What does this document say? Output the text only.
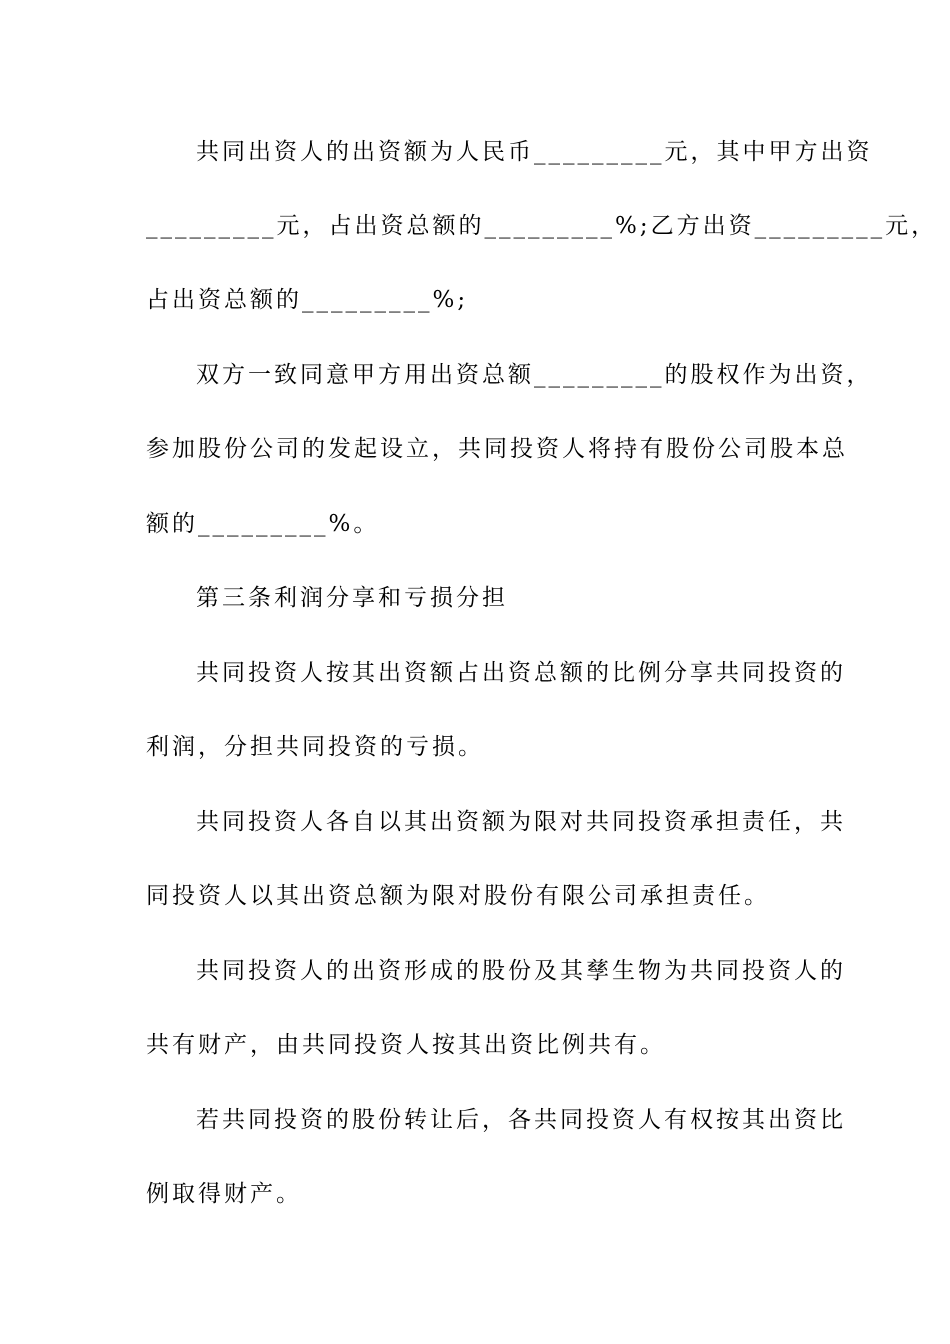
共同出资人的出资额为人民币_________元，其中甲方出资
_________元，占出资总额的_________%;乙方出资_________元，
占出资总额的_________%;
双方一致同意甲方用出资总额_________的股权作为出资，
参加股份公司的发起设立，共同投资人将持有股份公司股本总
额的_________%。
第三条利润分享和亏损分担
共同投资人按其出资额占出资总额的比例分享共同投资的
利润，分担共同投资的亏损。
共同投资人各自以其出资额为限对共同投资承担责任，共
同投资人以其出资总额为限对股份有限公司承担责任。
共同投资人的出资形成的股份及其孳生物为共同投资人的
共有财产，由共同投资人按其出资比例共有。
若共同投资的股份转让后，各共同投资人有权按其出资比
例取得财产。
